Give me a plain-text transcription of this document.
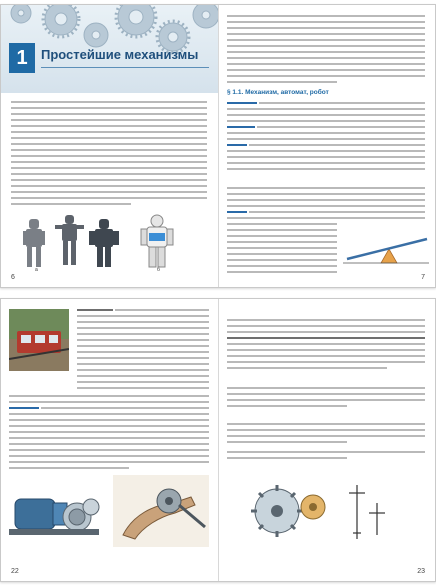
1	Простейшие механизмы
а	б
6
§ 1.1. Механизм, автомат, робот
7
22	23
